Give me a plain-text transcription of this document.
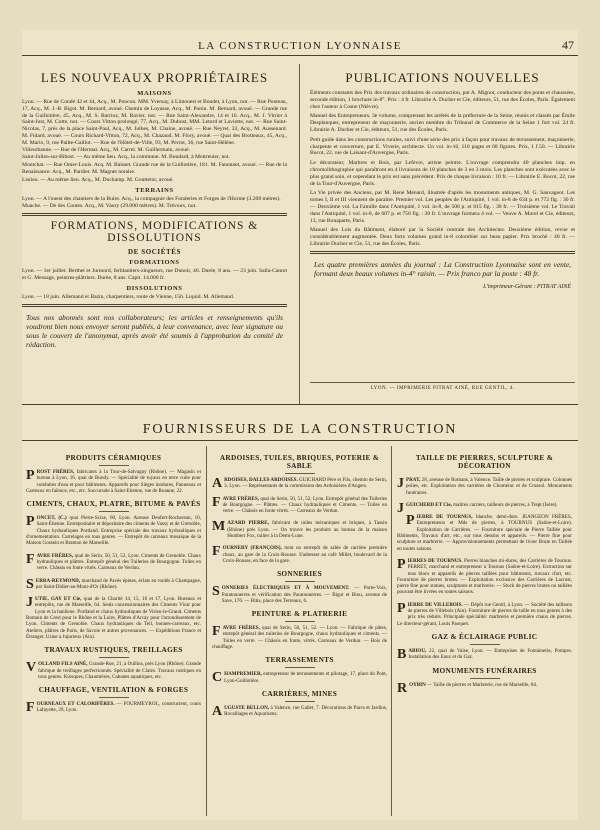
LA CONSTRUCTION LYONNAISE	47
LES NOUVEAUX PROPRIÉTAIRES
MAISONS
Lyon. — Rue de Condé 42 et 44, Acq., M. Poncon. MM. Yversay, à Limonest et Boudet, à Lyon, not. — Rue Ponteau, 17, Acq., M. J.-B. Bigot. M. Bernard, avoué. Chemin de Loyasse, Acq., M. Ponin. M. Bernard, avoué. — Grande rue de la Guillotière, 45, Acq., M. S. Barrioz, M. Ravier, not. — Rue Saint-Alexandre, 14 et 16. Acq., M. J. Vitrier à Saint-Just, M. Cotte, not. — Cours Vitton prolongé, 77, Acq., M. Dubost, MM. Letord et Laviotte, not. — Rue Saint-Nicolas, 7, près de la place Saint-Paul, Acq., M. Julhes, M. Chaine, avoué. — Rue Neyret, 33, Acq., M. Aussenard. M. Fidard, avoué. — Cours Richard-Vitton, 72, Acq., M. Chazaud. M. Flory, avoué. — Quai des Brotteaux, 45, Acq., M. Marix, 9, rue Pailte-Gaillot. — Rue de l'Hôtel-de-Ville, 93, M. Perrot, 36, rue Saint-Hélène.
Villeurbanne. — Rue de l'Hermat. Acq., M. Carrel. M. Guillermain, avoué.
Saint-Jullen-sur-Bibost. — Au même lieu. Acq., la commune. M. Boudard, à Mottreuier, not.
Montchat. — Rue Omer-Louis. Acq. M. Baisset. Grande rue de la Guillotière, 181. M. Fanonnet, avoué. — Rue de la Renaissance. Acq., M. Pardier. M. Magnet notaire.
Listieu. — Au même lieu. Acq., M. Duchamp. M. Gouttetor, avoué.
TERRAINS
Lyon. — A l'ouest des chantiers de la Buire. Acq., la compagnie des Fonderies et Forges de l'Horme (3.208 mètres).
Muache. — De des Contes. Acq., M. Vaury (29.000 mètres). M. Trévoux, not.
FORMATIONS, MODIFICATIONS & DISSOLUTIONS
DE SOCIÉTÉS
FORMATIONS
Lyon. — 1er juillet. Berthet et Jurmord, ferblantiers-zingueurs, rue Dunoir, 46. Durée, 8 ans. — 23 juin. Salla-Cantot et G. Message, peintres-plâtriers. Durée, 8 ans. Capit. 14.000 fr.
DISSOLUTIONS
Lyon. — 18 juin. Allemand et Bazin, charpentiers, route de Vienne, 156. Liquid. M. Allemand.
Tous nos abonnés sont nos collaborateurs; les articles et renseignements qu'ils voudront bien nous envoyer seront publiés, à leur convenance, avec leur signature ou sous le couvert de l'anonymat, après avoir été soumis à l'approbation du comité de rédaction.
PUBLICATIONS NOUVELLES
Éléments constants des Prix des travaux ordinaires de construction, par A. Mignot, conducteur des ponts et chaussées, seconde édition, 1 brochure in-8°. Prix : 4 fr. Librairie A. Ducher et Cie, éditeurs, 51, rue des Écoles, Paris. Également chez l'auteur à Cosne (Nièvre).
Manuel des Entrepreneurs, 3e volume, comprenant les arrêtés de la préfecture de la Seine, réunis et classés par Émile Desplanques, entrepreneur de maçonnerie, ancien membre du Tribunal de Commerce de la Seine 1 fort vol. 24 fr. Librairie A. Ducher et Cie, éditeurs, 51, rue des Écoles, Paris.
Petit guide dans les constructions rurales, suivi d'une série des prix à façon pour travaux de terrassement, maçonnerie, charpente et couverture, par E. Viverie, architecte. Un vol. in-16, 110 pages et 68 figures. Prix, 1 f.50. — Librairie Bocot, 22, rue de Laisant-d'Auvergne, Paris.
Le décorateur, Marbres et Bois, par Lefèvre, artiste peintre. L'ouvrage comprendra 40 planches imp. en chromolithographie qui paraîtront en 4 livraisons de 10 planches de 3 en 3 mois. Les planches sont exécutées avec le plus grand soin, et cependant le prix est sans précédent. Prix de chaque livraison : 10 fr. — Librairie E. Bocot, 22, rue de la Tour-d'Auvergne, Paris.
La Vie privée des Anciens, par M. René Ménard, illustrée d'après les monuments antiques, M. G. Sauvageot. Les tomes I, II et III viennent de paraître. Premier vol. Les peuples de l'Antiquité, 1 vol. in-8 de 634 p. et 772 fig. : 30 fr. — Deuxième vol. La Famille dans l'Antiquité, 1 vol. in-8, de 508 p. et 815 fig. : 30 fr. — Troisième vol. Le Travail dans l'Antiquité, 1 vol. in-8, de 607 p. et 750 fig. : 30 fr. L'ouvrage formera 4 vol. — Veuve A. Morel et Cie, éditeurs, 13, rue Bonaparte, Paris.
Manuel des Lois du Bâtiment, élaboré par la Société centrale des Architectes. Deuxième édition, revue et considérablement augmentée. Deux forts volumes grand in-8 colombier sur beau papier. Prix broché : 40 fr. — Librairie Ducher et Cie, 51, rue des Écoles, Paris.
Les quatre premières années du journal : La Construction Lyonnaise sont en vente, formant deux beaux volumes in-4° raisin. — Prix franco par la poste : 48 fr.
L'imprimeur-Gérant : PITRAT AINÉ
LYON. — IMPRIMERIE PITRAT AINÉ, RUE GENTIL, 4.
FOURNISSEURS DE LA CONSTRUCTION
PRODUITS CÉRAMIQUES
PROST FRÈRES, fabricants à la Tour-de-Salvagny (Rhône). — Magasin et bureau à Lyon, 16, quai de Bondy. — Spécialité de tuyaux en terre cuite pour conduites d'eau et pour bâtiments. Appareils pour Sièges inodores, Panneaux et Carreaux en faïence, etc., etc. Succursale à Saint-Etienne, rue de Roanne, 22.
CIMENTS, CHAUX, PLATRE, BITUME & PAVÉS
PONCET, (C.) quai Pierre-Scize, 60, Lyon. Avenue Denfert-Rochereau, 10, Saint-Étienne. Entrepositaire et dépositaire des ciments de Vassy et de Grenoble, Chaux hydrauliques Portland. Entreprise spéciale des travaux hydrauliques et d'ornementation. Carrelages en tous genres. — Entrepôt de carreaux mosaïque de la Maison Gossein et Bramon de Marseille.
FAVRE FRÈRES, quai de Serin, 50, 51, 52, Lyon. Ciments de Grenoble. Chaux hydrauliques et plâtres. Entrepôt général des Tuileries de Bourgogne. Tuiles en verre. Châssis en fonte vitrés. Carreaux de Verdun.
SERRA-REYMOND, marchand de Pavés épines, éclats en roulés à Champagne, par Saint-Didier-au-Mont-d'Or (Rhône).
JUTIE, GAY ET Cie, quai de la Charité 14, 15, 16 et 17, Lyon. Bureaux et entrepôts, rue de Marseille, 64. Seuls concessionnaires des Ciments Vicat pour Lyon et la banlieue. Portland et chaux hydrauliques de Virieu-le-Grand. Ciments Romain de Crest pour le Rhône et la Loire, Plâtres d'Arcay pour l'arrondissement de Lyon. Ciments de Grenoble. Chaux hydrauliques du Teil, bonnes-carreaux, etc. Ateliers, plâtres de Paris, de Savoie et autres provenances. — Expéditions France et Étranger. Usine à Jujurieux (Ain).
TRAVAUX RUSTIQUES, TREILLAGES
VOLLAND FILS AINÉ, Grande-Rue, 21, à Oullins, près Lyon (Rhône). Grande fabrique de treillages perfectionnés. Spécialité de Claies. Travaux rustiques en tous genres. Kiosques, Chaumières, Cabanes aquatiques, etc.
CHAUFFAGE, VENTILATION & FORGES
FOURNEAUX ET CALORIFÈRES. — FOURMEYROL, constructeur, cours Lafayette, 29, Lyon.
ARDOISES, TUILES, BRIQUES, POTERIE & SABLE
ARDOISES, DALLES ARDOISES. GUICHARD Père et Fils, chemin de Serin, 3, Lyon. — Représentants de la commission des Ardoisières d'Angers.
FAVRE FRÈRES, quai de Serin, 50, 51, 52, Lyon. Entrepôt général des Tuileries de Bourgogne. — Plâtres. — Chaux hydrauliques et Ciments. — Tuiles en verre. — Châssis en fonte vitrés. — Carreaux de Verdun.
MAZARD PIERRE, fabricant de tuiles mécaniques et briques, à Tassin (Rhône) près Lyon. — On trouve les produits au bureau de la maison Humbert Fox, tuilier à la Demi-Lune.
FOURNERY (FRANÇOIS), tient un entrepôt de sable de carrière première chaux, au gare de la Croix-Rousse. S'adresser au café Millet, boulevard de la Croix-Rousse, en face de la gare.
SONNERIES
SONNERIES ÉLECTRIQUES ET À MOUVEMENT. — Porte-Voix, Paratonnerres et vérification des Paratonnerres. — Bigot et Biou, avenue de Saxe, 176. — Bitis, place des Terreaux, 6.
PEINTURE & PLATRERIE
FAVRE FRÈRES, quai de Serin, 50, 51, 52. — Lyon. — Fabrique de pâtes, entrepôt général des tuileries de Bourgogne, chaux hydrauliques et ciments. — Tuiles en verre. — Châssis en fonte, vitrés. Carreaux de Verdun. — Bois de chauffage.
TERRASSEMENTS
CHAMPREMIER, entrepreneur de terrassements et pilotage, 17, place du Pont, Lyon-Guillotière.
CARRIÈRES, MINES
AUGUSTE BELLON, à Valence, rue Gallet, 7. Décorations de Parcs et Jardins, Rocaillages et Aquariums.
TAILLE DE PIERRES, SCULPTURE & DÉCORATION
JPRAT, 28, avenue de Romans, à Valence. Taille de pierres et sculpture. Colonnes polies, etc. Exploitation des carrières de Chomérac et de Crussol. Monuments funéraires.
JGUICHERD ET Cie, maîtres carriers, tailleurs de pierres, à Trept (Isère).
PIERRE DE TOURNUS, blanche, demi-dure. JEANGEON FRÈRES, Entrepreneurs et Mds de pierres, à TOURNUS (Saône-et-Loire). Exploitation de Carrières. — Fourniture spéciale de Pierre Taillée pour Bâtiments, Travaux d'art, etc., sur tous dessins et appareils. — Pierre fine pour sculpture et marbrerie. — Approvisionnements permettant de livrer Brute en Taillée en toutes saisons.
PIERRES DE TOURNUS. Pierres blanches mi-dures, des Carrières de Tournus. PERRET, marchand et entrepreneur à Tournus (Saône-et-Loire). Extraction sur tous blocs et appareils de pierres taillées pour bâtiments, travaux d'art, etc. Fourniture de pierres brutes. — Exploitation exclusive des Carrières de Lacrost, pierre fine pour statues, sculptures et marbrerie. — Stock de pierres brutes ou taillées pouvant être livrées en toutes saisons.
PIERRE DE VILLEBOIS. — Dépôt rue Gentil, à Lyon. — Société des tailleurs de pierres de Villebois (Ain). Fourniture de pierres de taille en tous genres à des prix très réduits. Principale spécialité: marbrerie et première chaux de pierres. Le directeur-gérant, Louis Paoquet.
GAZ & ÉCLAIRAGE PUBLIC
BABIOU, 22, quai de Vaise, Lyon. — Entreprises de Fontainerie, Pompes. Installation des Eaux et du Gaz.
MONUMENTS FUNÉRAIRES
ROYBIN — Taille de pierres et Marbrerie, rue de Marseille, 84.
